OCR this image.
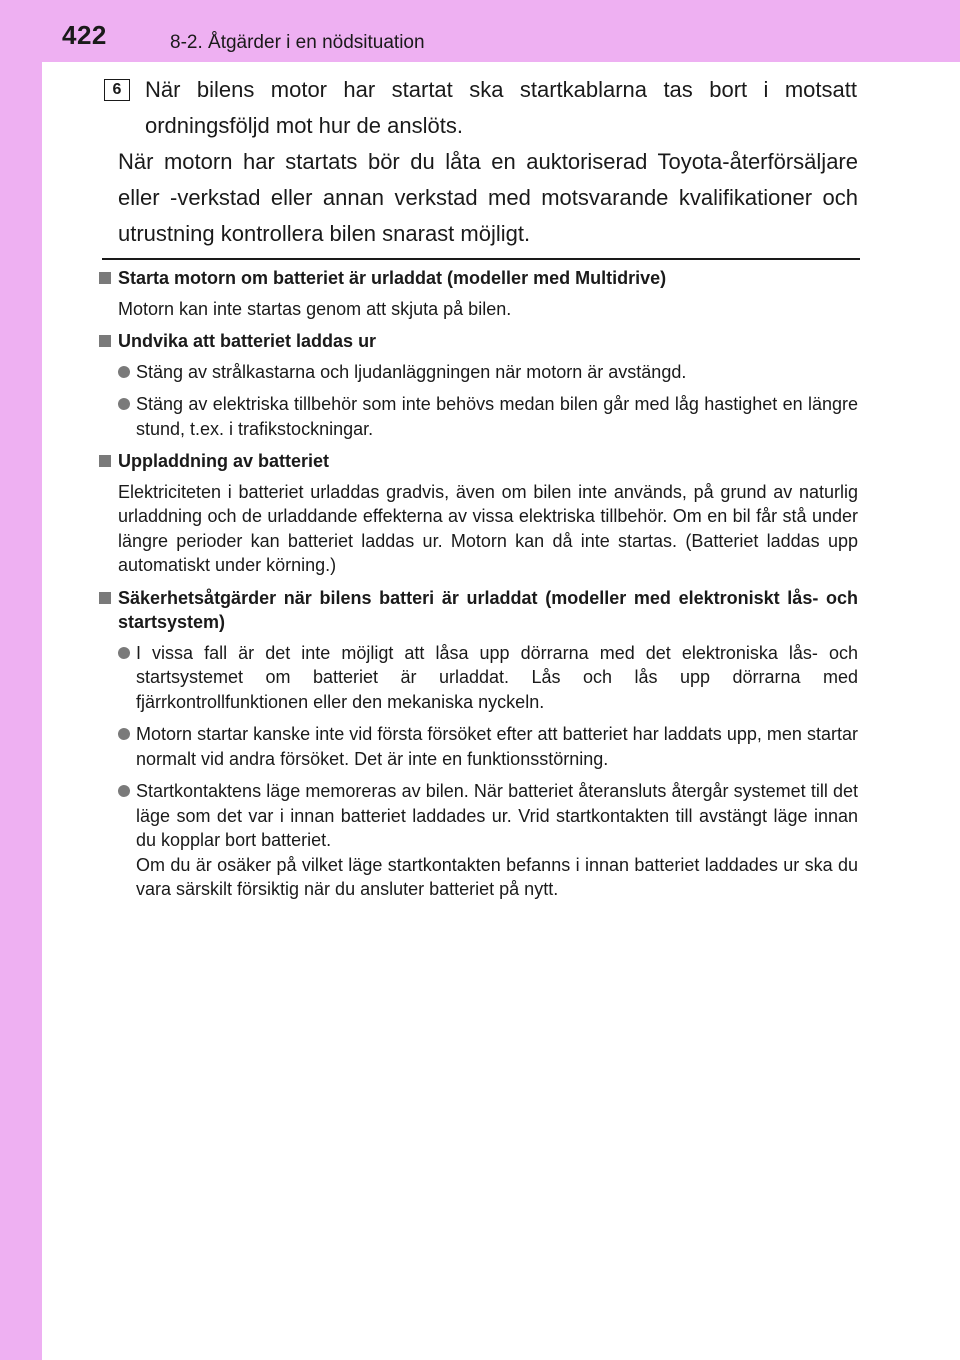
422	8-2. Åtgärder i en nödsituation
6	När bilens motor har startat ska startkablarna tas bort i motsatt ordningsföljd mot hur de anslöts.
När motorn har startats bör du låta en auktoriserad Toyota-återförsäljare eller -verkstad eller annan verkstad med motsvarande kvalifikationer och utrustning kontrollera bilen snarast möjligt.
Starta motorn om batteriet är urladdat (modeller med Multidrive)
Motorn kan inte startas genom att skjuta på bilen.
Undvika att batteriet laddas ur
Stäng av strålkastarna och ljudanläggningen när motorn är avstängd.
Stäng av elektriska tillbehör som inte behövs medan bilen går med låg hastighet en längre stund, t.ex. i trafikstockningar.
Uppladdning av batteriet
Elektriciteten i batteriet urladdas gradvis, även om bilen inte används, på grund av naturlig urladdning och de urladdande effekterna av vissa elektriska tillbehör. Om en bil får stå under längre perioder kan batteriet laddas ur. Motorn kan då inte startas. (Batteriet laddas upp automatiskt under körning.)
Säkerhetsåtgärder när bilens batteri är urladdat (modeller med elektroniskt lås- och startsystem)
I vissa fall är det inte möjligt att låsa upp dörrarna med det elektroniska lås- och startsystemet om batteriet är urladdat. Lås och lås upp dörrarna med fjärrkontrollfunktionen eller den mekaniska nyckeln.
Motorn startar kanske inte vid första försöket efter att batteriet har laddats upp, men startar normalt vid andra försöket. Det är inte en funktionsstörning.
Startkontaktens läge memoreras av bilen. När batteriet återansluts återgår systemet till det läge som det var i innan batteriet laddades ur. Vrid startkontakten till avstängt läge innan du kopplar bort batteriet.
Om du är osäker på vilket läge startkontakten befanns i innan batteriet laddades ur ska du vara särskilt försiktig när du ansluter batteriet på nytt.
